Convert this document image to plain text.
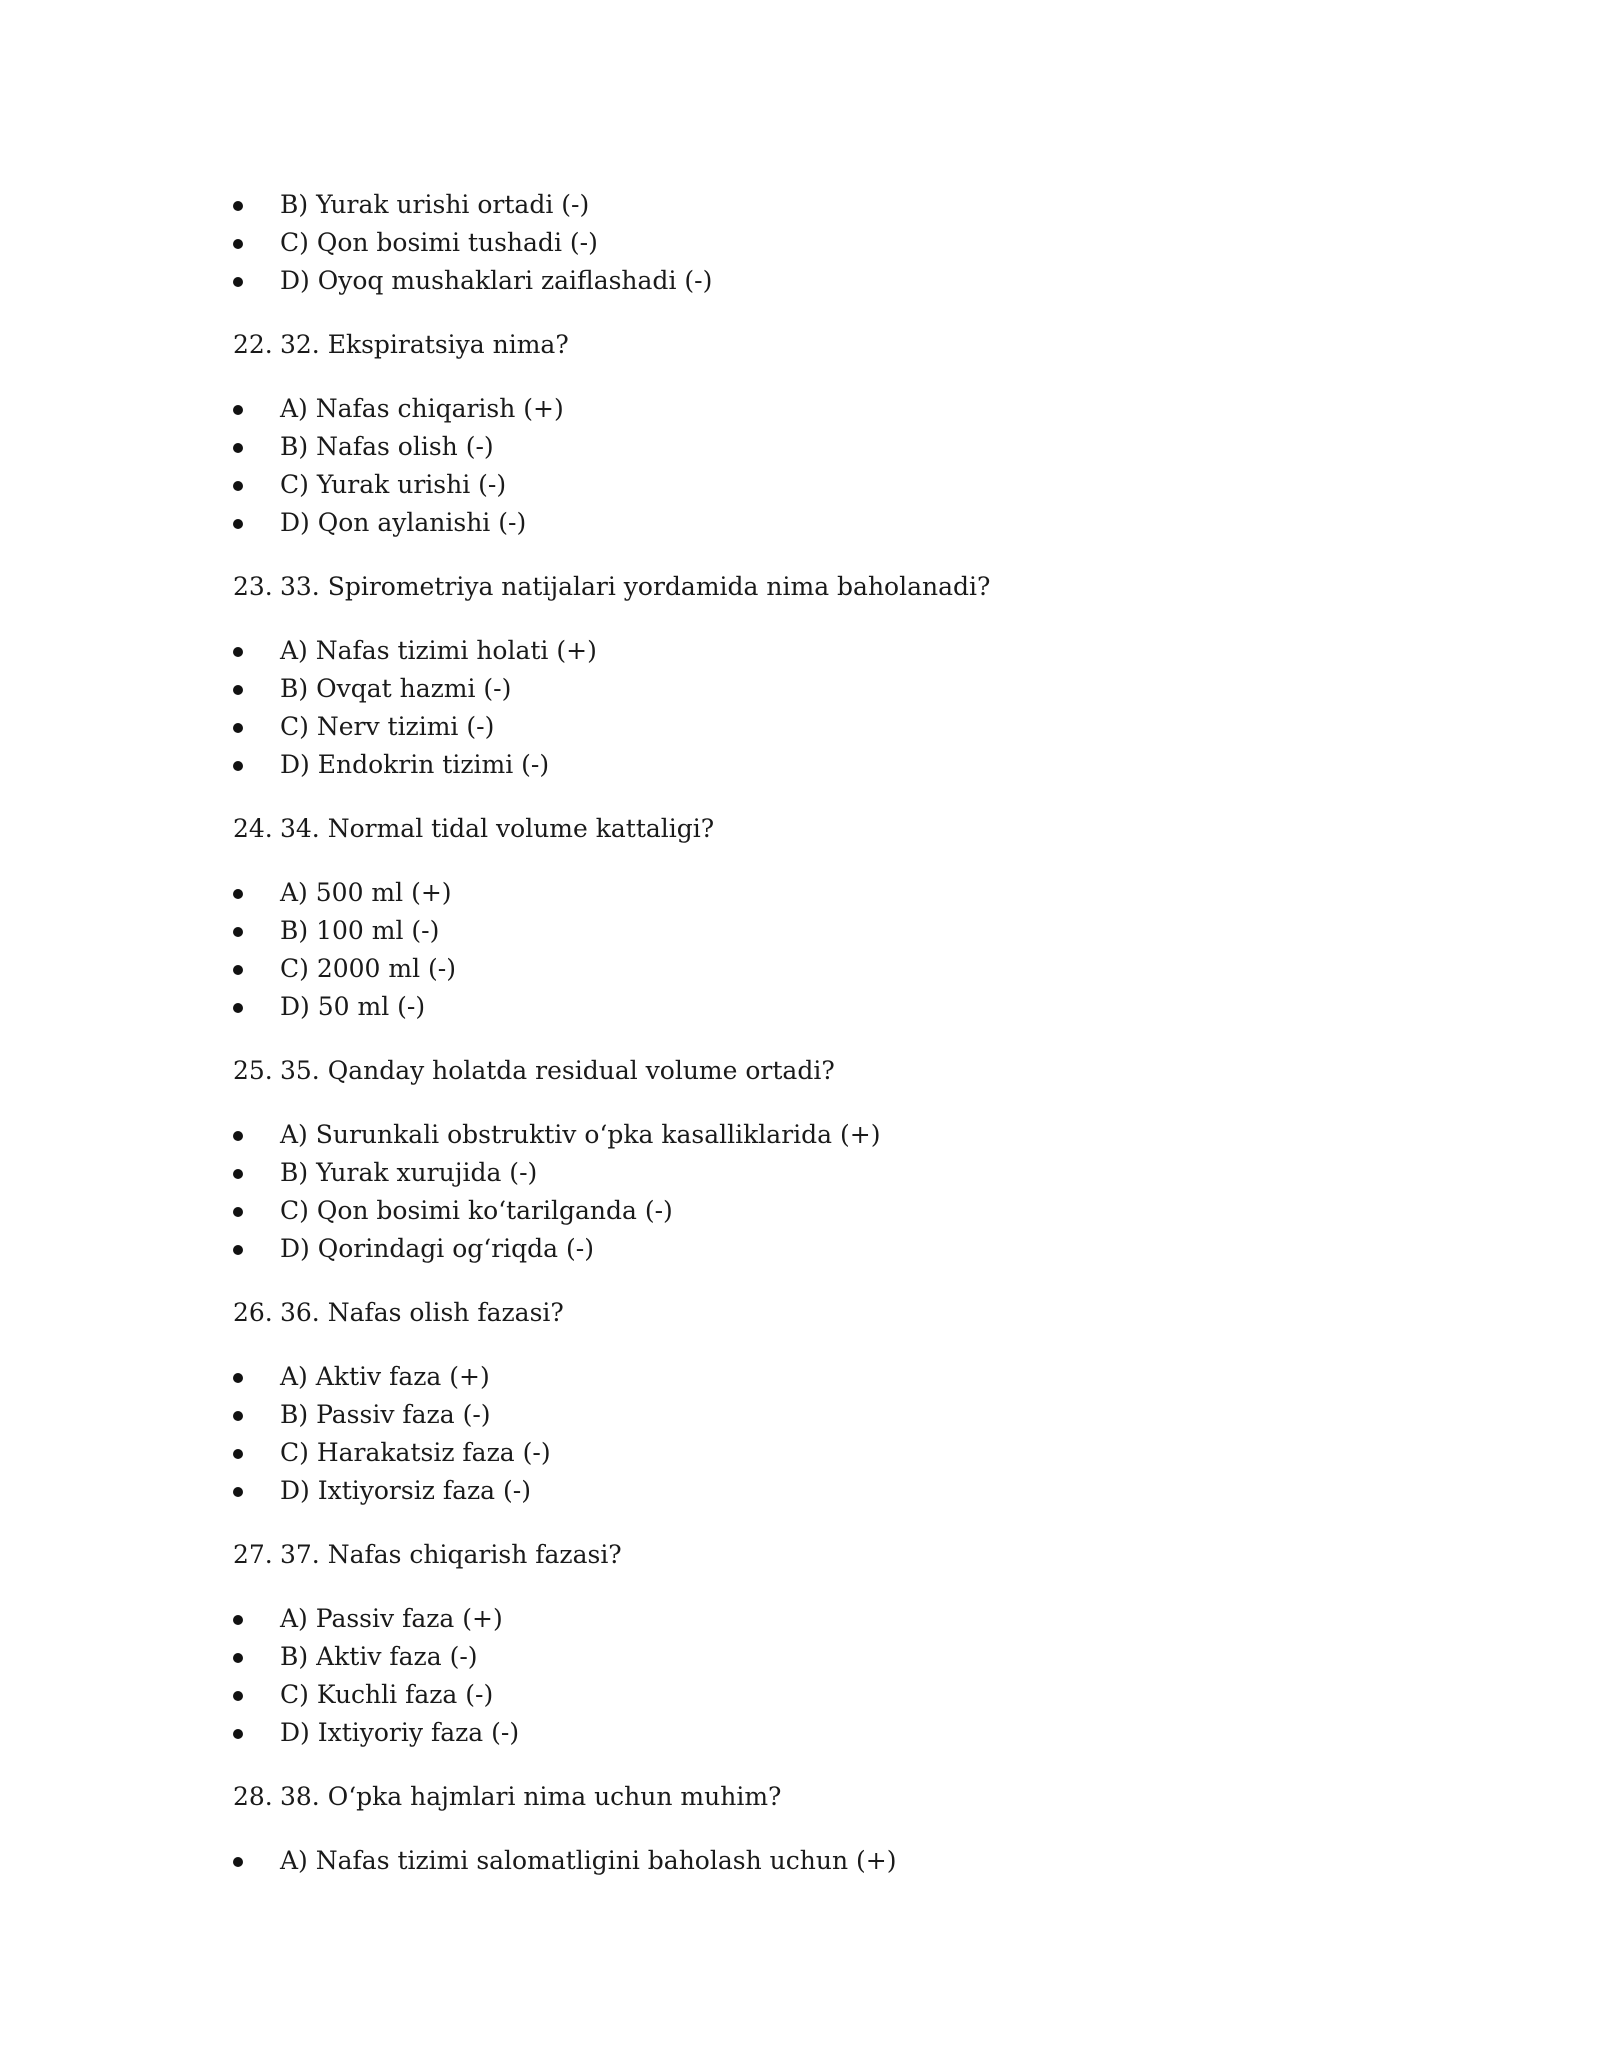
B) Yurak urishi ortadi (-)
C) Qon bosimi tushadi (-)
D) Oyoq mushaklari zaiflashadi (-)
22. 32. Ekspiratsiya nima?
A) Nafas chiqarish (+)
B) Nafas olish (-)
C) Yurak urishi (-)
D) Qon aylanishi (-)
23. 33. Spirometriya natijalari yordamida nima baholanadi?
A) Nafas tizimi holati (+)
B) Ovqat hazmi (-)
C) Nerv tizimi (-)
D) Endokrin tizimi (-)
24. 34. Normal tidal volume kattaligi?
A) 500 ml (+)
B) 100 ml (-)
C) 2000 ml (-)
D) 50 ml (-)
25. 35. Qanday holatda residual volume ortadi?
A) Surunkali obstruktiv o‘pka kasalliklarida (+)
B) Yurak xurujida (-)
C) Qon bosimi ko‘tarilganda (-)
D) Qorindagi og‘riqda (-)
26. 36. Nafas olish fazasi?
A) Aktiv faza (+)
B) Passiv faza (-)
C) Harakatsiz faza (-)
D) Ixtiyorsiz faza (-)
27. 37. Nafas chiqarish fazasi?
A) Passiv faza (+)
B) Aktiv faza (-)
C) Kuchli faza (-)
D) Ixtiyoriy faza (-)
28. 38. O‘pka hajmlari nima uchun muhim?
A) Nafas tizimi salomatligini baholash uchun (+)
